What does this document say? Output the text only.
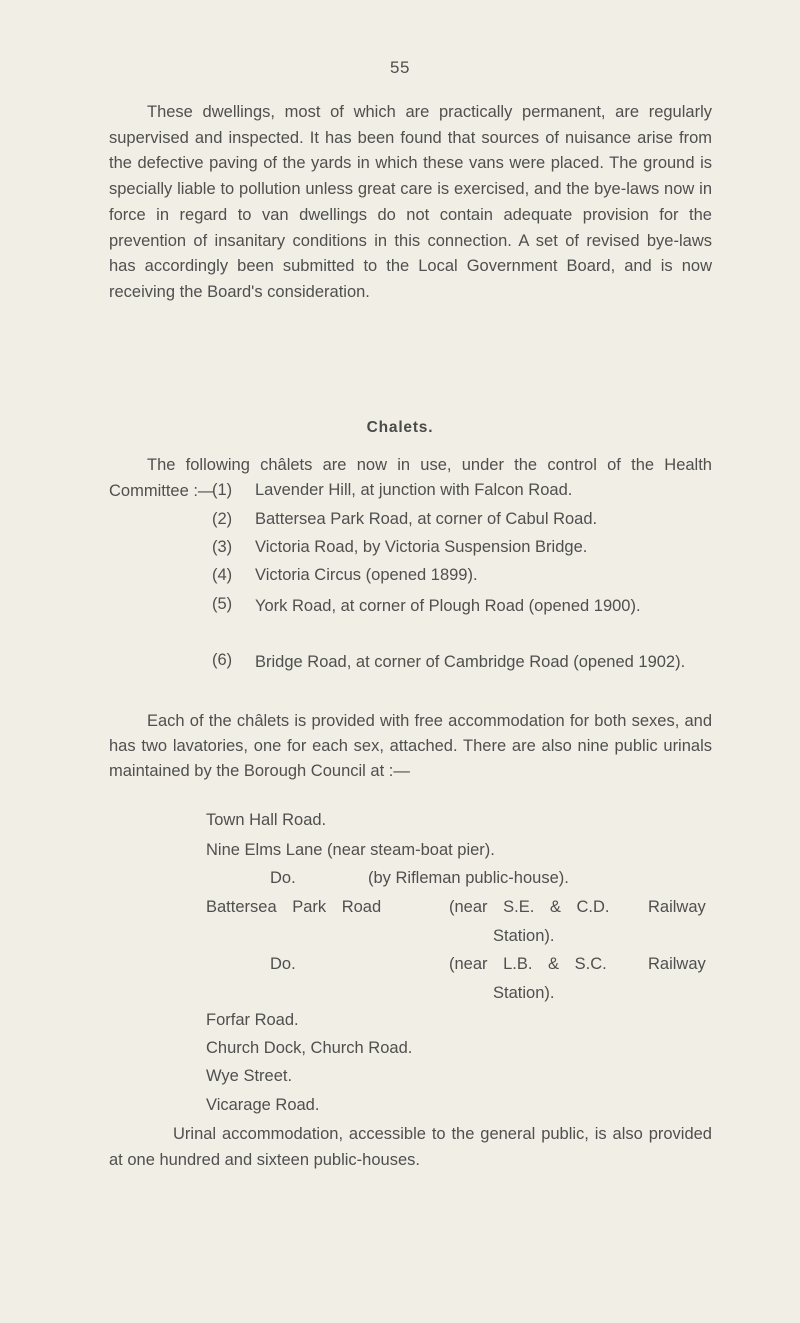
55

These dwellings, most of which are practically permanent, are regularly supervised and inspected. It has been found that sources of nuisance arise from the defective paving of the yards in which these vans were placed. The ground is specially liable to pollution unless great care is exercised, and the bye-laws now in force in regard to van dwellings do not contain adequate provision for the prevention of insanitary conditions in this connection. A set of revised bye-laws has accordingly been submitted to the Local Government Board, and is now receiving the Board's consideration.

Chalets.

The following châlets are now in use, under the control of the Health Committee :—

(1) Lavender Hill, at junction with Falcon Road.
(2) Battersea Park Road, at corner of Cabul Road.
(3) Victoria Road, by Victoria Suspension Bridge.
(4) Victoria Circus (opened 1899).
(5) York Road, at corner of Plough Road (opened 1900).
(6) Bridge Road, at corner of Cambridge Road (opened 1902).

Each of the châlets is provided with free accommodation for both sexes, and has two lavatories, one for each sex, attached. There are also nine public urinals maintained by the Borough Council at :—

Town Hall Road.
Nine Elms Lane (near steam-boat pier).
Do.	(by Rifleman public-house).
Battersea Park Road	(near S.E. & C.D. Railway
Station).
Do.	(near L.B. & S.C.	Railway
Station).
Forfar Road.
Church Dock, Church Road.
Wye Street.
Vicarage Road.

Urinal accommodation, accessible to the general public, is also provided at one hundred and sixteen public-houses.
